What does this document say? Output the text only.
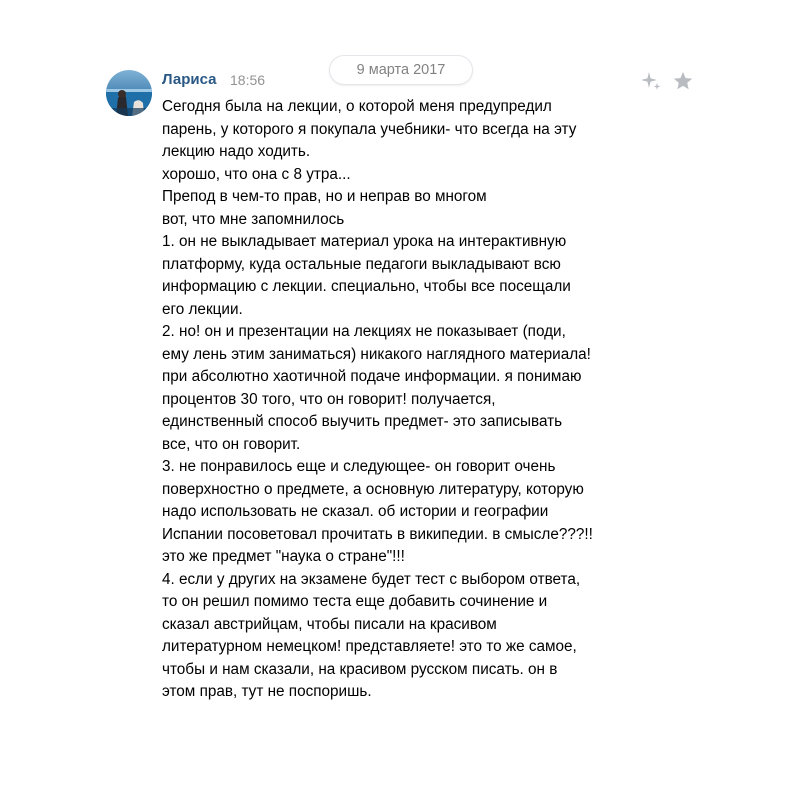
9 марта 2017
Лариса 18:56
Сегодня была на лекции, о которой меня предупредил
парень, у которого я покупала учебники- что всегда на эту
лекцию надо ходить.
хорошо, что она с 8 утра...
Препод в чем-то прав, но и неправ во многом
вот, что мне запомнилось
1. он не выкладывает материал урока на интерактивную
платформу, куда остальные педагоги выкладывают всю
информацию с лекции. специально, чтобы все посещали
его лекции.
2. но! он и презентации на лекциях не показывает (поди,
ему лень этим заниматься) никакого наглядного материала!
при абсолютно хаотичной подаче информации. я понимаю
процентов 30 того, что он говорит! получается,
единственный способ выучить предмет- это записывать
все, что он говорит.
3. не понравилось еще и следующее- он говорит очень
поверхностно о предмете, а основную литературу, которую
надо использовать не сказал. об истории и географии
Испании посоветовал прочитать в википедии. в смысле???!!
это же предмет "наука о стране"!!!
4. если у других на экзамене будет тест с выбором ответа,
то он решил помимо теста еще добавить сочинение и
сказал австрийцам, чтобы писали на красивом
литературном немецком! представляете! это то же самое,
чтобы и нам сказали, на красивом русском писать. он в
этом прав, тут не поспоришь.
